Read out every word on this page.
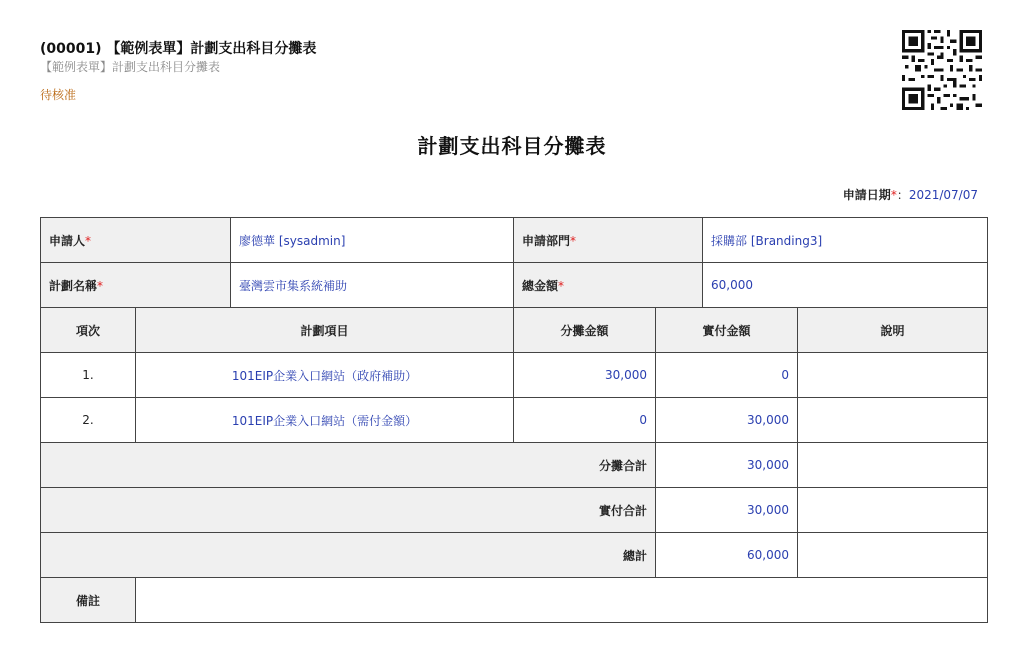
(00001) 【範例表單】計劃支出科目分攤表
【範例表單】計劃支出科目分攤表
待核准
計劃支出科目分攤表
申請日期*：2021/07/07
申請人*		廖德華 [sysadmin]	申請部門*		採購部 [Branding3]	
計劃名稱*		臺灣雲市集系統補助	總金額*		60,000	
項次	計劃項目		分攤金額	實付金額		說明
1.	101EIP企業入口網站（政府補助）		30,000	0		
2.	101EIP企業入口網站（需付金額）		0	30,000		
分攤合計				30,000		
實付合計				30,000		
總計				60,000		
備註						
